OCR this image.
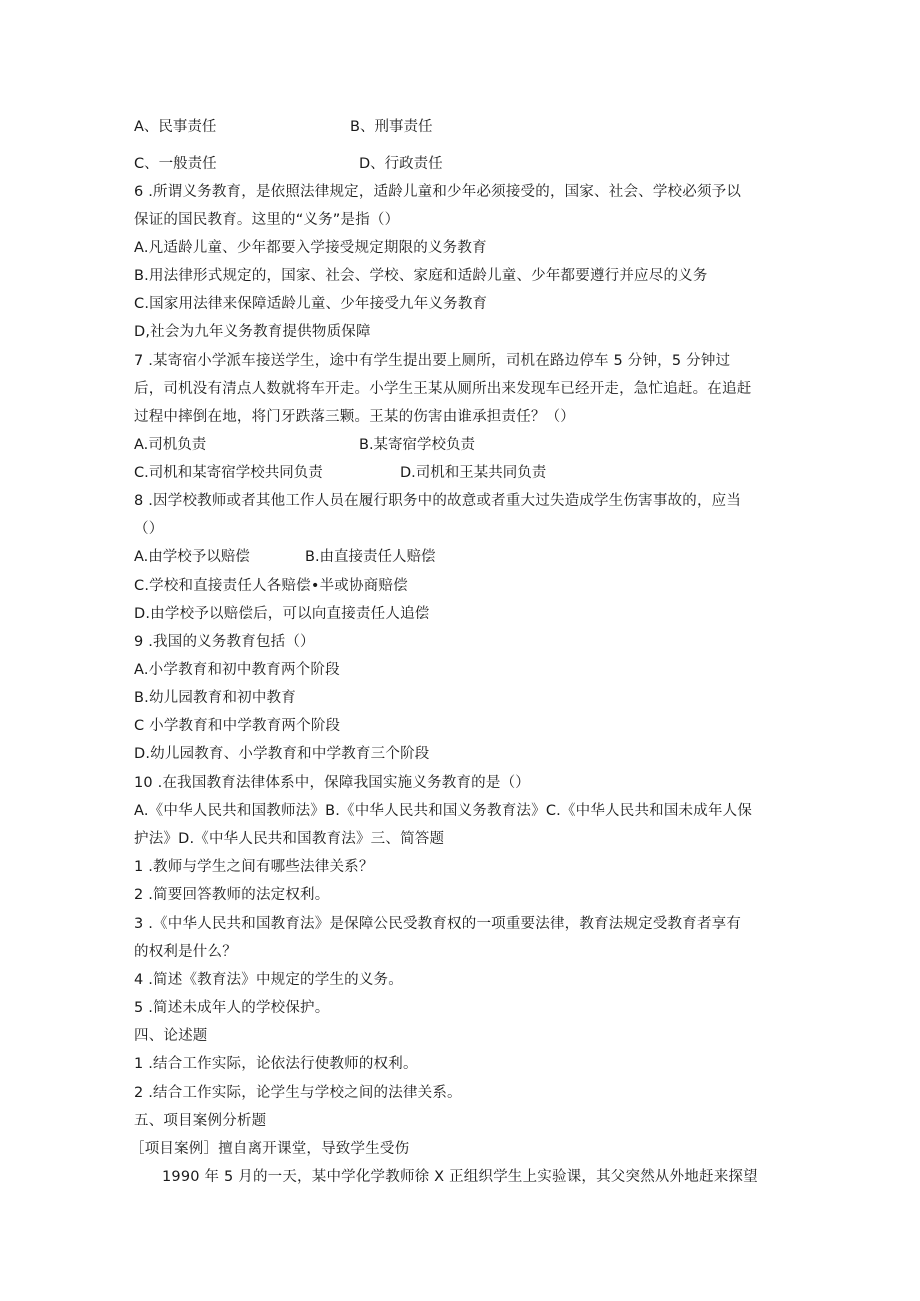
A、民事责任	B、刑事责任
C、一般责任	D、行政责任
6 .所谓义务教育，是依照法律规定，适龄儿童和少年必须接受的，国家、社会、学校必须予以
保证的国民教育。这里的“义务”是指（）
A.凡适龄儿童、少年都要入学接受规定期限的义务教育
B.用法律形式规定的，国家、社会、学校、家庭和适龄儿童、少年都要遵行并应尽的义务
C.国家用法律来保障适龄儿童、少年接受九年义务教育
D,社会为九年义务教育提供物质保障
7 .某寄宿小学派车接送学生，途中有学生提出要上厕所，司机在路边停车 5 分钟，5 分钟过
后，司机没有清点人数就将车开走。小学生王某从厕所出来发现车已经开走，急忙追赶。在追赶
过程中摔倒在地，将门牙跌落三颗。王某的伤害由谁承担责任？（）
A.司机负责	B.某寄宿学校负责
C.司机和某寄宿学校共同负责	D.司机和王某共同负责
8 .因学校教师或者其他工作人员在履行职务中的故意或者重大过失造成学生伤害事故的，应当
（）
A.由学校予以赔偿	B.由直接责任人赔偿
C.学校和直接责任人各赔偿•半或协商赔偿
D.由学校予以赔偿后，可以向直接责任人追偿
9 .我国的义务教育包括（）
A.小学教育和初中教育两个阶段
B.幼儿园教育和初中教育
C 小学教育和中学教育两个阶段
D.幼儿园教育、小学教育和中学教育三个阶段
10 .在我国教育法律体系中，保障我国实施义务教育的是（）
A.《中华人民共和国教师法》B.《中华人民共和国义务教育法》C.《中华人民共和国未成年人保
护法》D.《中华人民共和国教育法》三、简答题
1 .教师与学生之间有哪些法律关系？
2 .简要回答教师的法定权利。
3 .《中华人民共和国教育法》是保障公民受教育权的一项重要法律，教育法规定受教育者享有
的权利是什么？
4 .简述《教育法》中规定的学生的义务。
5 .简述未成年人的学校保护。
四、论述题
1 .结合工作实际，论依法行使教师的权利。
2 .结合工作实际，论学生与学校之间的法律关系。
五、项目案例分析题
［项目案例］擅自离开课堂，导致学生受伤
1990 年 5 月的一天，某中学化学教师徐 X 正组织学生上实验课，其父突然从外地赶来探望
